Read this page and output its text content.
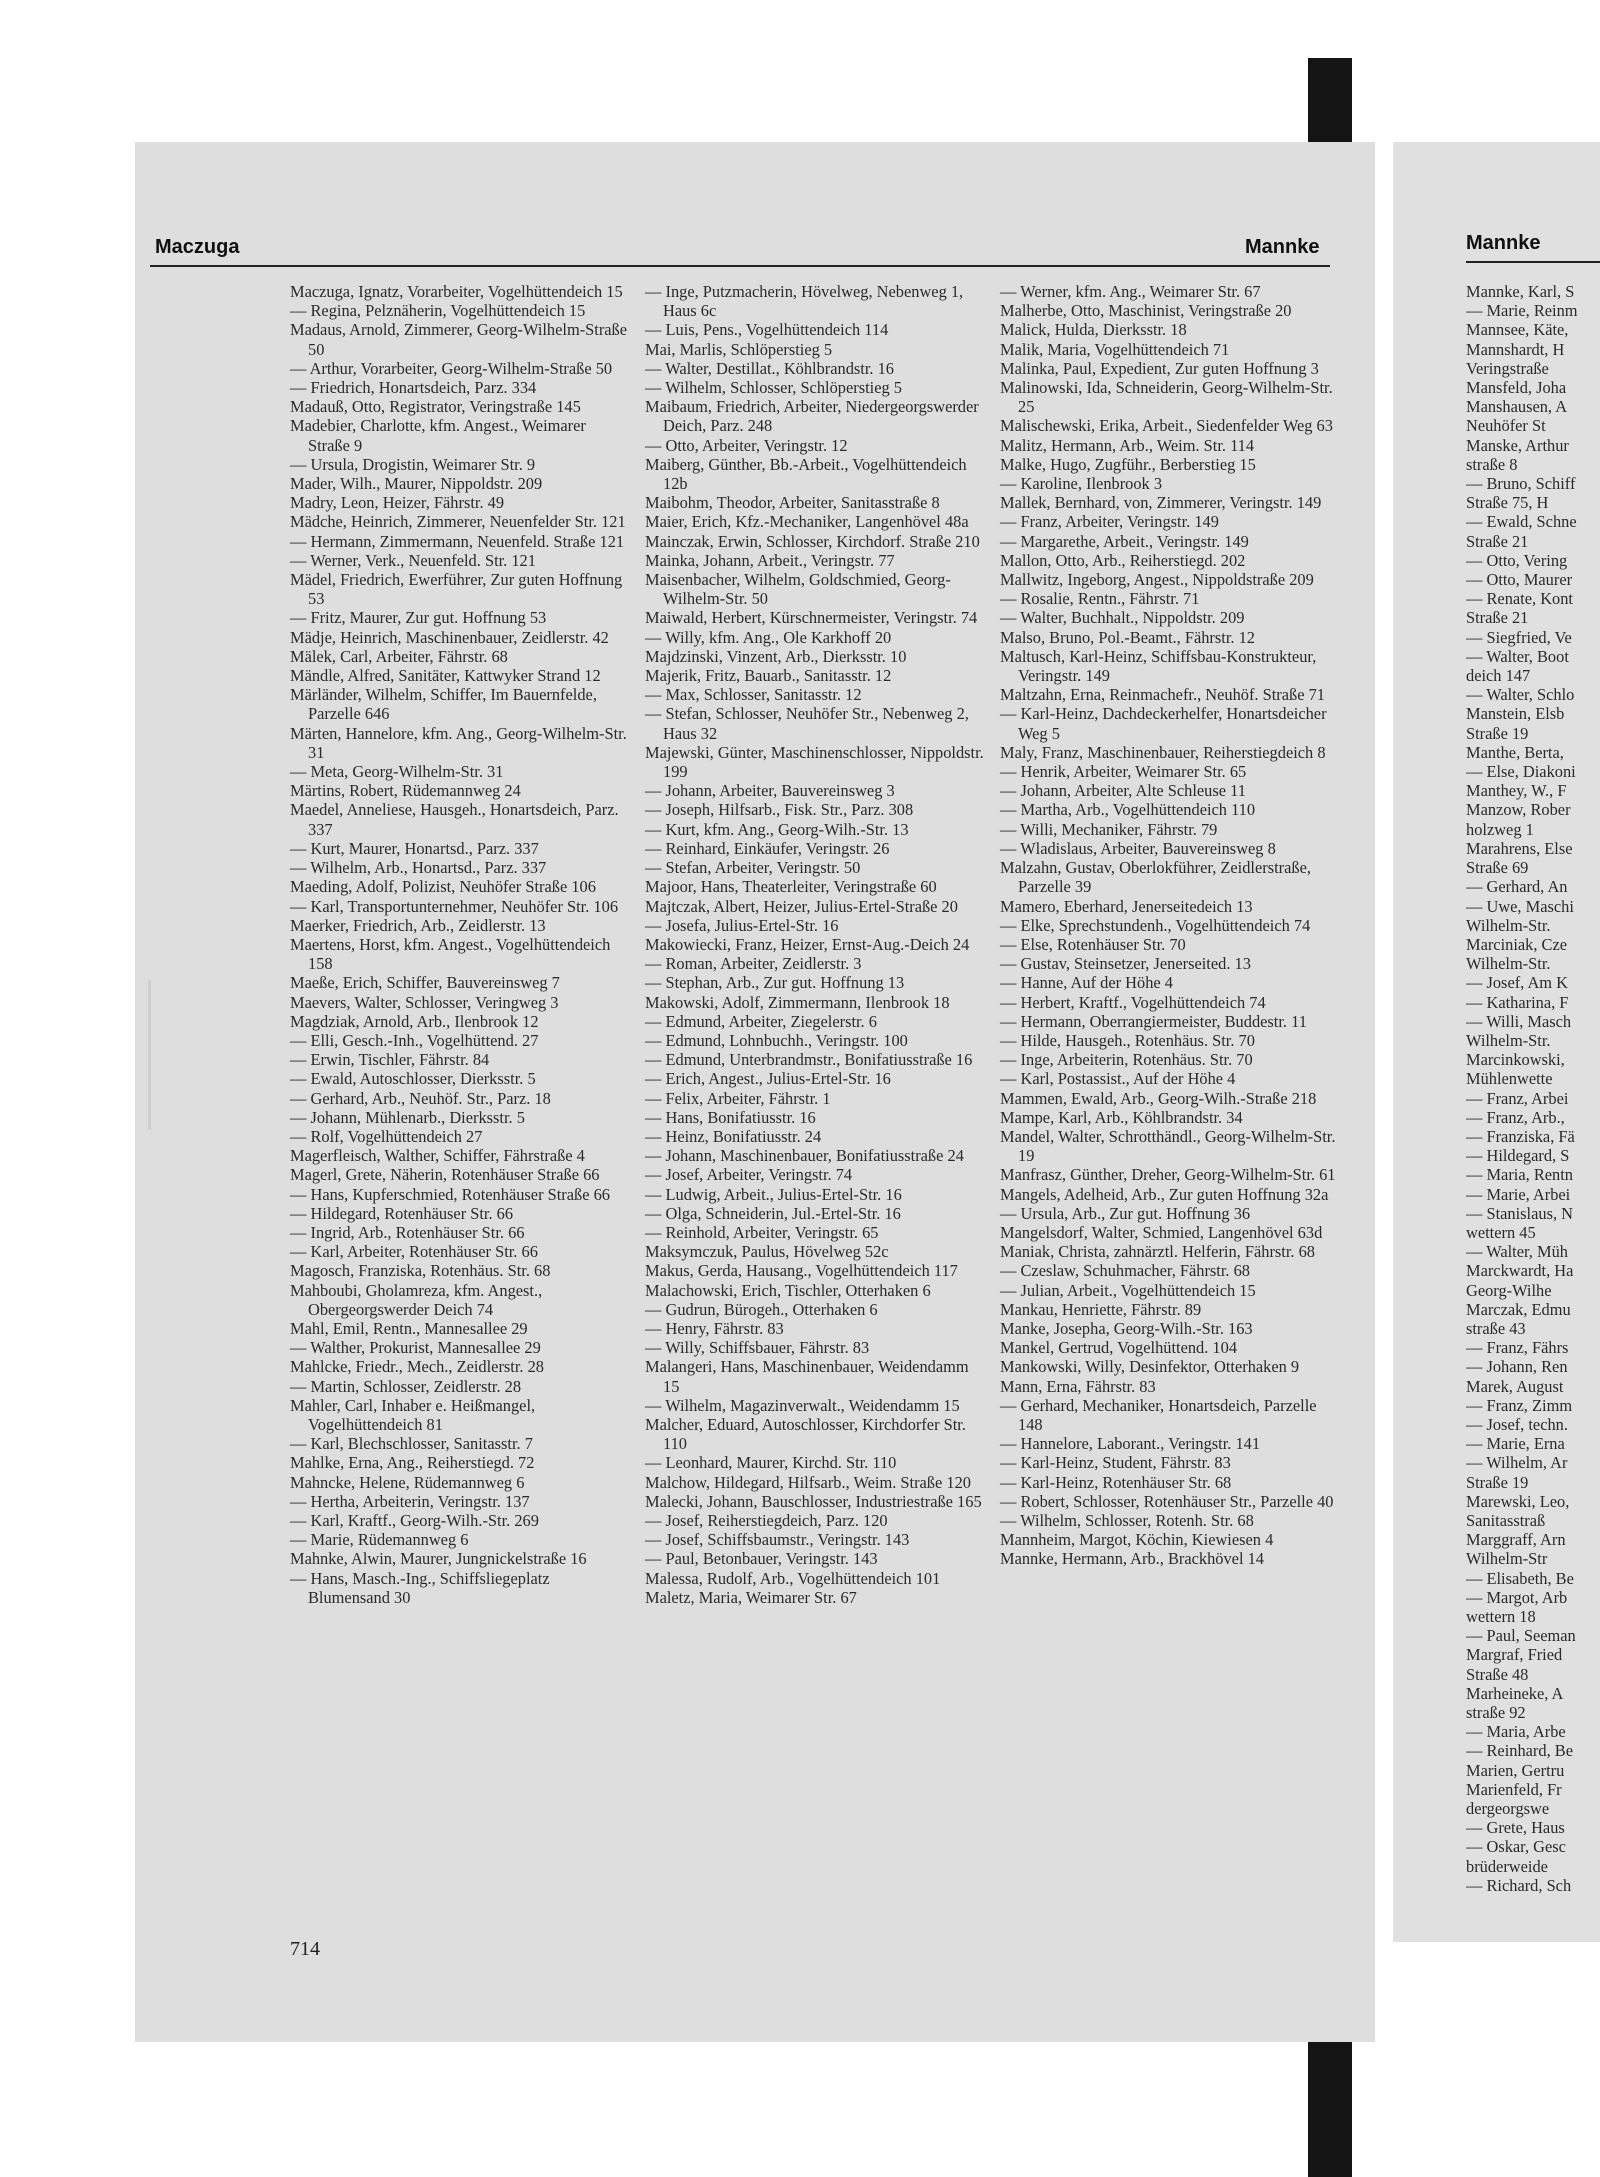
Maczuga	Mannke	Mannke
Maczuga, Ignatz, Vorarbeiter, Vogelhüttendeich 15
— Regina, Pelznäherin, Vogelhüttendeich 15
Madaus, Arnold, Zimmerer, Georg-Wilhelm-Straße 50
— Arthur, Vorarbeiter, Georg-Wilhelm-Straße 50
— Friedrich, Honartsdeich, Parz. 334
Madauß, Otto, Registrator, Veringstraße 145
Madebier, Charlotte, kfm. Angest., Weimarer Straße 9
— Ursula, Drogistin, Weimarer Str. 9
Mader, Wilh., Maurer, Nippoldstr. 209
Madry, Leon, Heizer, Fährstr. 49
Mädche, Heinrich, Zimmerer, Neuenfelder Str. 121
— Hermann, Zimmermann, Neuenfeld. Straße 121
— Werner, Verk., Neuenfeld. Str. 121
Mädel, Friedrich, Ewerführer, Zur guten Hoffnung 53
— Fritz, Maurer, Zur gut. Hoffnung 53
Mädje, Heinrich, Maschinenbauer, Zeidlerstr. 42
Mälek, Carl, Arbeiter, Fährstr. 68
Mändle, Alfred, Sanitäter, Kattwyker Strand 12
Märländer, Wilhelm, Schiffer, Im Bauernfelde, Parzelle 646
Märten, Hannelore, kfm. Ang., Georg-Wilhelm-Str. 31
— Meta, Georg-Wilhelm-Str. 31
Märtins, Robert, Rüdemannweg 24
Maedel, Anneliese, Hausgeh., Honartsdeich, Parz. 337
— Kurt, Maurer, Honartsd., Parz. 337
— Wilhelm, Arb., Honartsd., Parz. 337
Maeding, Adolf, Polizist, Neuhöfer Straße 106
— Karl, Transportunternehmer, Neuhöfer Str. 106
Maerker, Friedrich, Arb., Zeidlerstr. 13
Maertens, Horst, kfm. Angest., Vogelhüttendeich 158
Maeße, Erich, Schiffer, Bauvereinsweg 7
Maevers, Walter, Schlosser, Veringweg 3
Magdziak, Arnold, Arb., Ilenbrook 12
— Elli, Gesch.-Inh., Vogelhüttend. 27
— Erwin, Tischler, Fährstr. 84
— Ewald, Autoschlosser, Dierksstr. 5
— Gerhard, Arb., Neuhöf. Str., Parz. 18
— Johann, Mühlenarb., Dierksstr. 5
— Rolf, Vogelhüttendeich 27
Magerfleisch, Walther, Schiffer, Fährstraße 4
Magerl, Grete, Näherin, Rotenhäuser Straße 66
— Hans, Kupferschmied, Rotenhäuser Straße 66
— Hildegard, Rotenhäuser Str. 66
— Ingrid, Arb., Rotenhäuser Str. 66
— Karl, Arbeiter, Rotenhäuser Str. 66
Magosch, Franziska, Rotenhäus. Str. 68
Mahboubi, Gholamreza, kfm. Angest., Obergeorgswerder Deich 74
Mahl, Emil, Rentn., Mannesallee 29
— Walther, Prokurist, Mannesallee 29
Mahlcke, Friedr., Mech., Zeidlerstr. 28
— Martin, Schlosser, Zeidlerstr. 28
Mahler, Carl, Inhaber e. Heißmangel, Vogelhüttendeich 81
— Karl, Blechschlosser, Sanitasstr. 7
Mahlke, Erna, Ang., Reiherstiegd. 72
Mahncke, Helene, Rüdemannweg 6
— Hertha, Arbeiterin, Veringstr. 137
— Karl, Kraftf., Georg-Wilh.-Str. 269
— Marie, Rüdemannweg 6
Mahnke, Alwin, Maurer, Jungnickelstraße 16
— Hans, Masch.-Ing., Schiffsliegeplatz Blumensand 30
— Inge, Putzmacherin, Hövelweg, Nebenweg 1, Haus 6c
— Luis, Pens., Vogelhüttendeich 114
Mai, Marlis, Schlöperstieg 5
— Walter, Destillat., Köhlbrandstr. 16
— Wilhelm, Schlosser, Schlöperstieg 5
Maibaum, Friedrich, Arbeiter, Niedergeorgswerder Deich, Parz. 248
— Otto, Arbeiter, Veringstr. 12
Maiberg, Günther, Bb.-Arbeit., Vogelhüttendeich 12b
Maibohm, Theodor, Arbeiter, Sanitasstraße 8
Maier, Erich, Kfz.-Mechaniker, Langenhövel 48a
Mainczak, Erwin, Schlosser, Kirchdorf. Straße 210
Mainka, Johann, Arbeit., Veringstr. 77
Maisenbacher, Wilhelm, Goldschmied, Georg-Wilhelm-Str. 50
Maiwald, Herbert, Kürschnermeister, Veringstr. 74
— Willy, kfm. Ang., Ole Karkhoff 20
Majdzinski, Vinzent, Arb., Dierksstr. 10
Majerik, Fritz, Bauarb., Sanitasstr. 12
— Max, Schlosser, Sanitasstr. 12
— Stefan, Schlosser, Neuhöfer Str., Nebenweg 2, Haus 32
Majewski, Günter, Maschinenschlosser, Nippoldstr. 199
— Johann, Arbeiter, Bauvereinsweg 3
— Joseph, Hilfsarb., Fisk. Str., Parz. 308
— Kurt, kfm. Ang., Georg-Wilh.-Str. 13
— Reinhard, Einkäufer, Veringstr. 26
— Stefan, Arbeiter, Veringstr. 50
Majoor, Hans, Theaterleiter, Veringstraße 60
Majtczak, Albert, Heizer, Julius-Ertel-Straße 20
— Josefa, Julius-Ertel-Str. 16
Makowiecki, Franz, Heizer, Ernst-Aug.-Deich 24
— Roman, Arbeiter, Zeidlerstr. 3
— Stephan, Arb., Zur gut. Hoffnung 13
Makowski, Adolf, Zimmermann, Ilenbrook 18
— Edmund, Arbeiter, Ziegelerstr. 6
— Edmund, Lohnbuchh., Veringstr. 100
— Edmund, Unterbrandmstr., Bonifatiusstraße 16
— Erich, Angest., Julius-Ertel-Str. 16
— Felix, Arbeiter, Fährstr. 1
— Hans, Bonifatiusstr. 16
— Heinz, Bonifatiusstr. 24
— Johann, Maschinenbauer, Bonifatiusstraße 24
— Josef, Arbeiter, Veringstr. 74
— Ludwig, Arbeit., Julius-Ertel-Str. 16
— Olga, Schneiderin, Jul.-Ertel-Str. 16
— Reinhold, Arbeiter, Veringstr. 65
Maksymczuk, Paulus, Hövelweg 52c
Makus, Gerda, Hausang., Vogelhüttendeich 117
Malachowski, Erich, Tischler, Otterhaken 6
— Gudrun, Bürogeh., Otterhaken 6
— Henry, Fährstr. 83
— Willy, Schiffsbauer, Fährstr. 83
Malangeri, Hans, Maschinenbauer, Weidendamm 15
— Wilhelm, Magazinverwalt., Weidendamm 15
Malcher, Eduard, Autoschlosser, Kirchdorfer Str. 110
— Leonhard, Maurer, Kirchd. Str. 110
Malchow, Hildegard, Hilfsarb., Weim. Straße 120
Malecki, Johann, Bauschlosser, Industriestraße 165
— Josef, Reiherstiegdeich, Parz. 120
— Josef, Schiffsbaumstr., Veringstr. 143
— Paul, Betonbauer, Veringstr. 143
Malessa, Rudolf, Arb., Vogelhüttendeich 101
Maletz, Maria, Weimarer Str. 67
— Werner, kfm. Ang., Weimarer Str. 67
Malherbe, Otto, Maschinist, Veringstraße 20
Malick, Hulda, Dierksstr. 18
Malik, Maria, Vogelhüttendeich 71
Malinka, Paul, Expedient, Zur guten Hoffnung 3
Malinowski, Ida, Schneiderin, Georg-Wilhelm-Str. 25
Malischewski, Erika, Arbeit., Siedenfelder Weg 63
Malitz, Hermann, Arb., Weim. Str. 114
Malke, Hugo, Zugführ., Berberstieg 15
— Karoline, Ilenbrook 3
Mallek, Bernhard, von, Zimmerer, Veringstr. 149
— Franz, Arbeiter, Veringstr. 149
— Margarethe, Arbeit., Veringstr. 149
Mallon, Otto, Arb., Reiherstiegd. 202
Mallwitz, Ingeborg, Angest., Nippoldstraße 209
— Rosalie, Rentn., Fährstr. 71
— Walter, Buchhalt., Nippoldstr. 209
Malso, Bruno, Pol.-Beamt., Fährstr. 12
Maltusch, Karl-Heinz, Schiffsbau-Konstrukteur, Veringstr. 149
Maltzahn, Erna, Reinmachefr., Neuhöf. Straße 71
— Karl-Heinz, Dachdeckerhelfer, Honartsdeicher Weg 5
Maly, Franz, Maschinenbauer, Reiherstiegdeich 8
— Henrik, Arbeiter, Weimarer Str. 65
— Johann, Arbeiter, Alte Schleuse 11
— Martha, Arb., Vogelhüttendeich 110
— Willi, Mechaniker, Fährstr. 79
— Wladislaus, Arbeiter, Bauvereinsweg 8
Malzahn, Gustav, Oberlokführer, Zeidlerstraße, Parzelle 39
Mamero, Eberhard, Jenerseitedeich 13
— Elke, Sprechstundenh., Vogelhüttendeich 74
— Else, Rotenhäuser Str. 70
— Gustav, Steinsetzer, Jenerseited. 13
— Hanne, Auf der Höhe 4
— Herbert, Kraftf., Vogelhüttendeich 74
— Hermann, Oberrangiermeister, Buddestr. 11
— Hilde, Hausgeh., Rotenhäus. Str. 70
— Inge, Arbeiterin, Rotenhäus. Str. 70
— Karl, Postassist., Auf der Höhe 4
Mammen, Ewald, Arb., Georg-Wilh.-Straße 218
Mampe, Karl, Arb., Köhlbrandstr. 34
Mandel, Walter, Schrotthändl., Georg-Wilhelm-Str. 19
Manfrasz, Günther, Dreher, Georg-Wilhelm-Str. 61
Mangels, Adelheid, Arb., Zur guten Hoffnung 32a
— Ursula, Arb., Zur gut. Hoffnung 36
Mangelsdorf, Walter, Schmied, Langenhövel 63d
Maniak, Christa, zahnärztl. Helferin, Fährstr. 68
— Czeslaw, Schuhmacher, Fährstr. 68
— Julian, Arbeit., Vogelhüttendeich 15
Mankau, Henriette, Fährstr. 89
Manke, Josepha, Georg-Wilh.-Str. 163
Mankel, Gertrud, Vogelhüttend. 104
Mankowski, Willy, Desinfektor, Otterhaken 9
Mann, Erna, Fährstr. 83
— Gerhard, Mechaniker, Honartsdeich, Parzelle 148
— Hannelore, Laborant., Veringstr. 141
— Karl-Heinz, Student, Fährstr. 83
— Karl-Heinz, Rotenhäuser Str. 68
— Robert, Schlosser, Rotenhäuser Str., Parzelle 40
— Wilhelm, Schlosser, Rotenh. Str. 68
Mannheim, Margot, Köchin, Kiewiesen 4
Mannke, Hermann, Arb., Brackhövel 14
Mannke, Karl, S
— Marie, Reinm
Mannsee, Käte,
Mannshardt, H
Veringstraße
Mansfeld, Joha
Manshausen, A
Neuhöfer St
Manske, Arthur
straße 8
— Bruno, Schiff
Straße 75, H
— Ewald, Schne
Straße 21
— Otto, Vering
— Otto, Maurer
— Renate, Kont
Straße 21
— Siegfried, Ve
— Walter, Boot
deich 147
— Walter, Schlo
Manstein, Elsb
Straße 19
Manthe, Berta,
— Else, Diakoni
Manthey, W., F
Manzow, Rober
holzweg 1
Marahrens, Else
Straße 69
— Gerhard, An
— Uwe, Maschi
Wilhelm-Str.
Marciniak, Cze
Wilhelm-Str.
— Josef, Am K
— Katharina, F
— Willi, Masch
Wilhelm-Str.
Marcinkowski,
Mühlenwette
— Franz, Arbei
— Franz, Arb.,
— Franziska, Fä
— Hildegard, S
— Maria, Rentn
— Marie, Arbei
— Stanislaus, N
wettern 45
— Walter, Müh
Marckwardt, Ha
Georg-Wilhe
Marczak, Edmu
straße 43
— Franz, Fährs
— Johann, Ren
Marek, August
— Franz, Zimm
— Josef, techn.
— Marie, Erna
— Wilhelm, Ar
Straße 19
Marewski, Leo,
Sanitasstraß
Marggraff, Arn
Wilhelm-Str
— Elisabeth, Be
— Margot, Arb
wettern 18
— Paul, Seeman
Margraf, Fried
Straße 48
Marheineke, A
straße 92
— Maria, Arbe
— Reinhard, Be
Marien, Gertru
Marienfeld, Fr
dergeorgswe
— Grete, Haus
— Oskar, Gesc
brüderweide
— Richard, Sch
714
